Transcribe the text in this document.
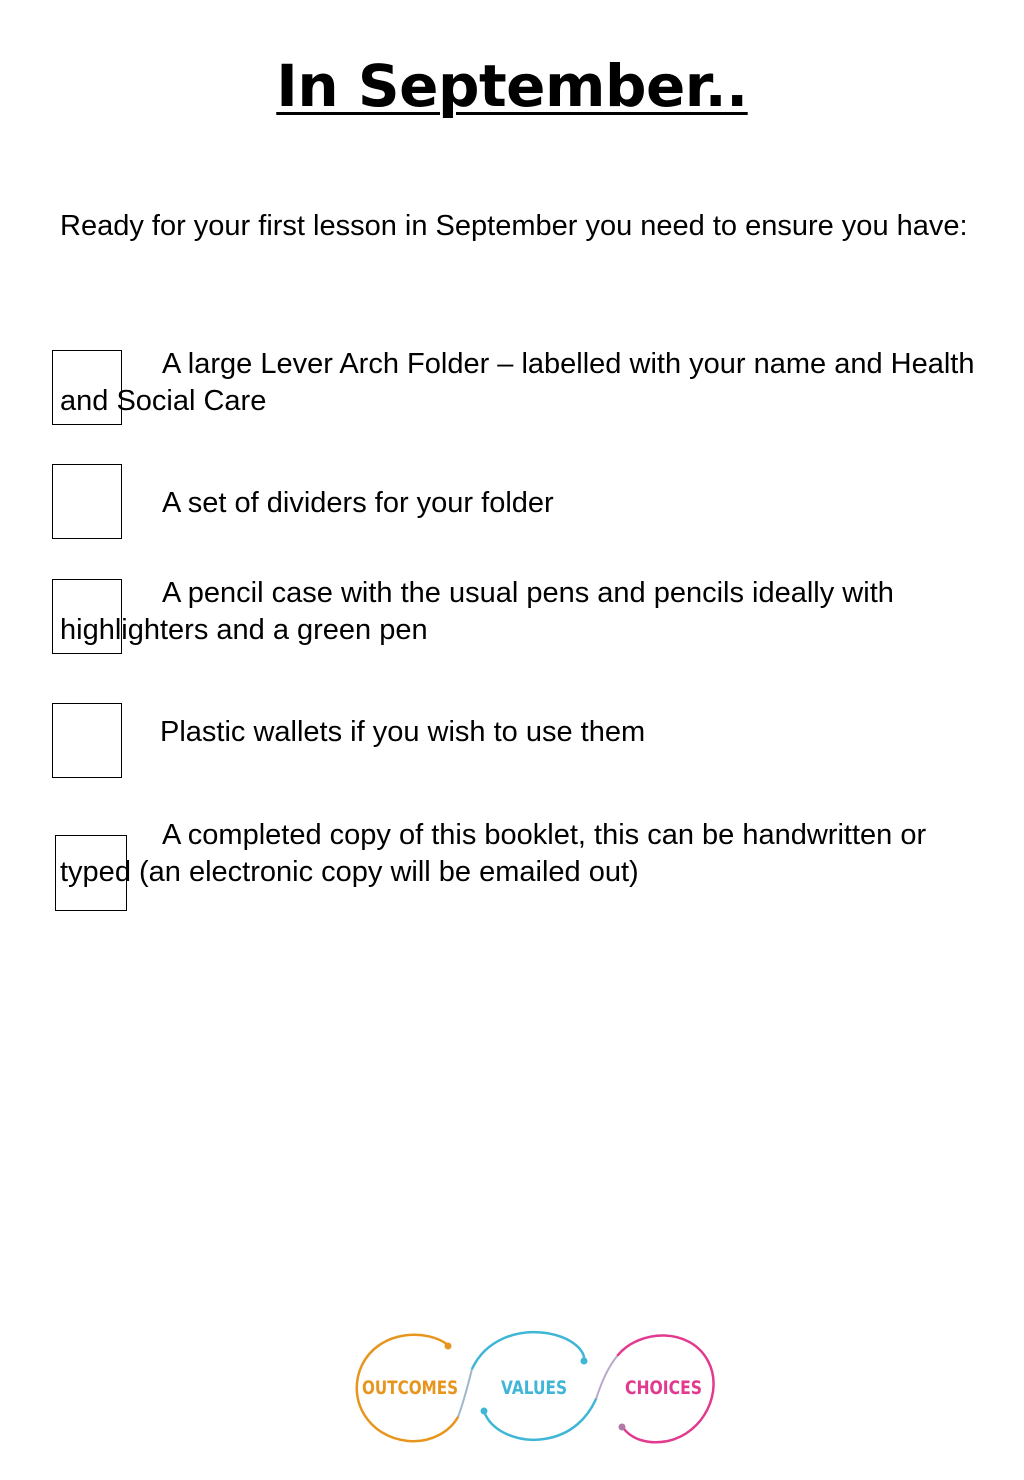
In September..
Ready for your first lesson in September you need to ensure you have:
A large Lever Arch Folder – labelled with your name and Health and Social Care
A set of dividers for your folder
A pencil case with the usual pens and pencils ideally with highlighters and a green pen
Plastic wallets if you wish to use them
A completed copy of this booklet, this can be handwritten or typed (an electronic copy will be emailed out)
OUTCOMES VALUES	CHOICES
